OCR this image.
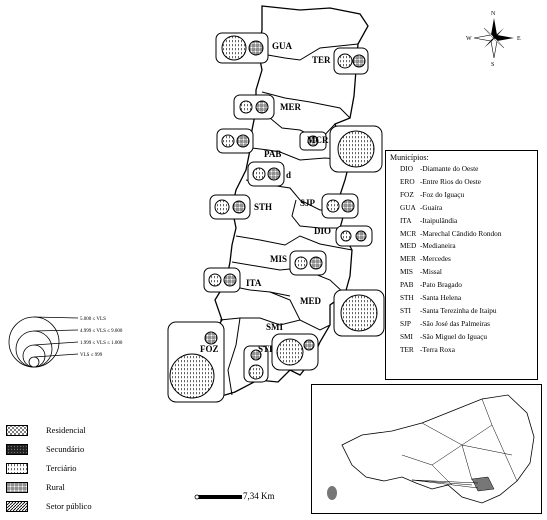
GUA
TER
MER
MCR
PAB
STH	SJP
DIO
MIS
ITA
MED
FOZ	STI
SMI
d
5.000 ≤ VLS
4.999 ≤ VLS ≤ 9.000
1.999 ≤ VLS ≤ 1.000
VLS ≤ 999
N
S
E
W
Municípios:
DIO -Diamante do Oeste
ERO -Entre Rios do Oeste
FOZ -Foz do Iguaçu
GUA -Guaíra
ITA -Itaipulândia
MCR -Marechal Cândido Rondon
MED -Medianeira
MER -Mercedes
MIS -Missal
PAB -Pato Bragado
STH -Santa Helena
STI -Santa Terezinha de Itaipu
SJP -São José das Palmeiras
SMI -São Miguel do Iguaçu
TER -Terra Roxa
Residencial
Secundário
Terciário
Rural
Setor público
7,34 Km
